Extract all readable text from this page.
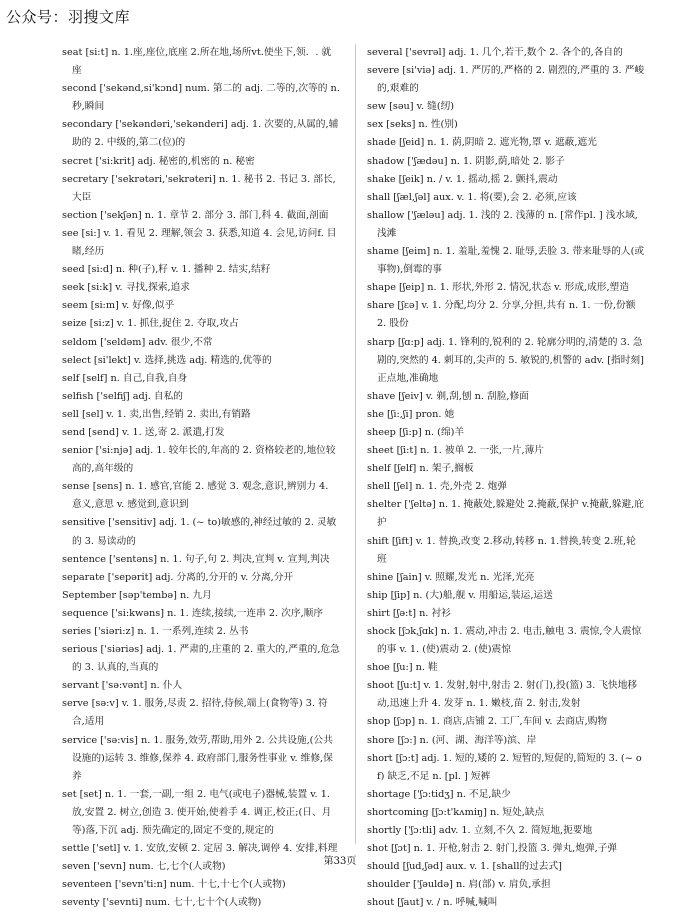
公众号：羽搜文库
seat [si:t] n. 1.座,座位,底座 2.所在地,场所vt.使坐下,领．. 就座
second ['sekənd,si'kɔnd] num. 第二的 adj. 二等的,次等的 n. 秒,瞬间
secondary ['sekəndəri,'sekənderi] adj. 1. 次要的,从属的,辅助的 2. 中级的,第二(位)的
secret ['si:krit] adj. 秘密的,机密的 n. 秘密
secretary ['sekrətəri,'sekrəteri] n. 1. 秘书 2. 书记 3. 部长,大臣
section ['sekʃən] n. 1. 章节 2. 部分 3. 部门,科 4. 截面,剖面
see [si:] v. 1. 看见 2. 理解,领会 3. 获悉,知道 4. 会见,访问f. 目睹,经历
seed [si:d] n. 种(子),籽 v. 1. 播种 2. 结实,结籽
seek [si:k] v. 寻找,探索,追求
seem [si:m] v. 好像,似乎
seize [si:z] v. 1. 抓住,捉住 2. 夺取,攻占
seldom ['seldəm] adv. 很少,不常
select [si'lekt] v. 选择,挑选 adj. 精选的,优等的
self [self] n. 自己,自我,自身
selfish ['selfiʃ] adj. 自私的
sell [sel] v. 1. 卖,出售,经销 2. 卖出,有销路
send [send] v. 1. 送,寄 2. 派遣,打发
senior ['si:njə] adj. 1. 较年长的,年高的 2. 资格较老的,地位较高的,高年级的
sense [sens] n. 1. 感官,官能 2. 感觉 3. 观念,意识,辨别力 4. 意义,意思 v. 感觉到,意识到
sensitive ['sensitiv] adj. 1. (~ to)敏感的,神经过敏的 2. 灵敏的 3. 易读动的
sentence ['sentəns] n. 1. 句子,句 2. 判决,宣判 v. 宣判,判决
separate ['sepərit] adj. 分离的,分开的 v. 分离,分开
September [səp'tembə] n. 九月
sequence ['si:kwəns] n. 1. 连续,接续,一连串 2. 次序,顺序
series ['siəri:z] n. 1. 一系列,连续 2. 丛书
serious ['siəriəs] adj. 1. 严肃的,庄重的 2. 重大的,严重的,危急的 3. 认真的,当真的
servant ['sə:vənt] n. 仆人
serve [sə:v] v. 1. 服务,尽责 2. 招待,侍候,端上(食物等) 3. 符合,适用
service ['sə:vis] n. 1. 服务,效劳,帮助,用外 2. 公共设施,(公共设施的)运转 3. 维修,保养 4. 政府部门,服务性事业 v. 维修,保养
set [set] n. 1. 一套,一副,一组 2. 电气(或电子)器械,装置 v. 1. 放,安置 2. 树立,创造 3. 使开始,使着手 4. 调正,校正;(日、月等)落,下沉 adj. 预先确定的,固定不变的,规定的
settle ['setl] v. 1. 安放,安顿 2. 定居 3. 解决,调停 4. 安排,料理
seven ['sevn] num. 七,七个(人或物)
seventeen ['sevn'ti:n] num. 十七,十七个(人或物)
seventy ['sevnti] num. 七十,七十个(人或物)
several ['sevrəl] adj. 1. 几个,若干,数个 2. 各个的,各自的
severe [si'viə] adj. 1. 严厉的,严格的 2. 剧烈的,严重的 3. 严峻的,艰难的
sew [səu] v. 缝(纫)
sex [seks] n. 性(别)
shade [ʃeid] n. 1. 荫,阴暗 2. 遮光物,罩 v. 遮蔽,遮光
shadow ['ʃædəu] n. 1. 阴影,荫,暗处 2. 影子
shake [ʃeik] n. / v. 1. 摇动,摇 2. 颤抖,震动
shall [ʃæl,ʃəl] aux. v. 1. 将(要),会 2. 必须,应该
shallow ['ʃæləu] adj. 1. 浅的 2. 浅薄的 n. [常作pl. ] 浅水域,浅滩
shame [ʃeim] n. 1. 羞耻,羞愧 2. 耻辱,丢脸 3. 带来耻辱的人(或事物),倒霉的事
shape [ʃeip] n. 1. 形状,外形 2. 情况,状态 v. 形成,成形,塑造
share [ʃɛə] v. 1. 分配,均分 2. 分享,分担,共有 n. 1. 一份,份额 2. 股份
sharp [ʃɑ:p] adj. 1. 锋利的,锐利的 2. 轮廓分明的,清楚的 3. 急剧的,突然的 4. 刺耳的,尖声的 5. 敏锐的,机警的 adv. [指时刻] 正点地,准确地
shave [ʃeiv] v. 剃,刮,刨 n. 刮脸,修面
she [ʃi:,ʃi] pron. 她
sheep [ʃi:p] n. (绵)羊
sheet [ʃi:t] n. 1. 被单 2. 一张,一片,薄片
shelf [ʃelf] n. 架子,搁板
shell [ʃel] n. 1. 壳,外壳 2. 炮弹
shelter ['ʃeltə] n. 1. 掩蔽处,躲避处 2.掩蔽,保护 v.掩蔽,躲避,庇护
shift [ʃift] v. 1. 替换,改变 2.移动,转移 n. 1.替换,转变 2.班,轮班
shine [ʃain] v. 照耀,发光 n. 光泽,光亮
ship [ʃip] n. (大)船,舰 v. 用船运,装运,运送
shirt [ʃə:t] n. 衬衫
shock [ʃɔk,ʃɑk] n. 1. 震动,冲击 2. 电击,触电 3. 震惊,令人震惊的事 v. 1. (使)震动 2. (使)震惊
shoe [ʃu:] n. 鞋
shoot [ʃu:t] v. 1. 发射,射中,射击 2. 射(门),投(篮) 3. 飞快地移动,迅速上升 4. 发芽 n. 1. 嫩枝,苗 2. 射击,发射
shop [ʃɔp] n. 1. 商店,店铺 2. 工厂,车间 v. 去商店,购物
shore [ʃɔ:] n. (河、湖、海洋等)滨、岸
short [ʃɔ:t] adj. 1. 短的,矮的 2. 短暂的,短促的,简短的 3. (~ of) 缺乏,不足 n. [pl. ] 短裤
shortage ['ʃɔ:tidʒ] n. 不足,缺少
shortcoming [ʃɔ:t'kʌmiŋ] n. 短处,缺点
shortly ['ʃɔ:tli] adv. 1. 立刻,不久 2. 简短地,扼要地
shot [ʃɔt] n. 1. 开枪,射击 2. 射门,投篮 3. 弹丸,炮弹,子弹
should [ʃud,ʃəd] aux. v. 1. [shall的过去式]
shoulder ['ʃəuldə] n. 肩(部) v. 肩负,承担
shout [ʃaut] v. / n. 呼喊,喊叫
第33页
